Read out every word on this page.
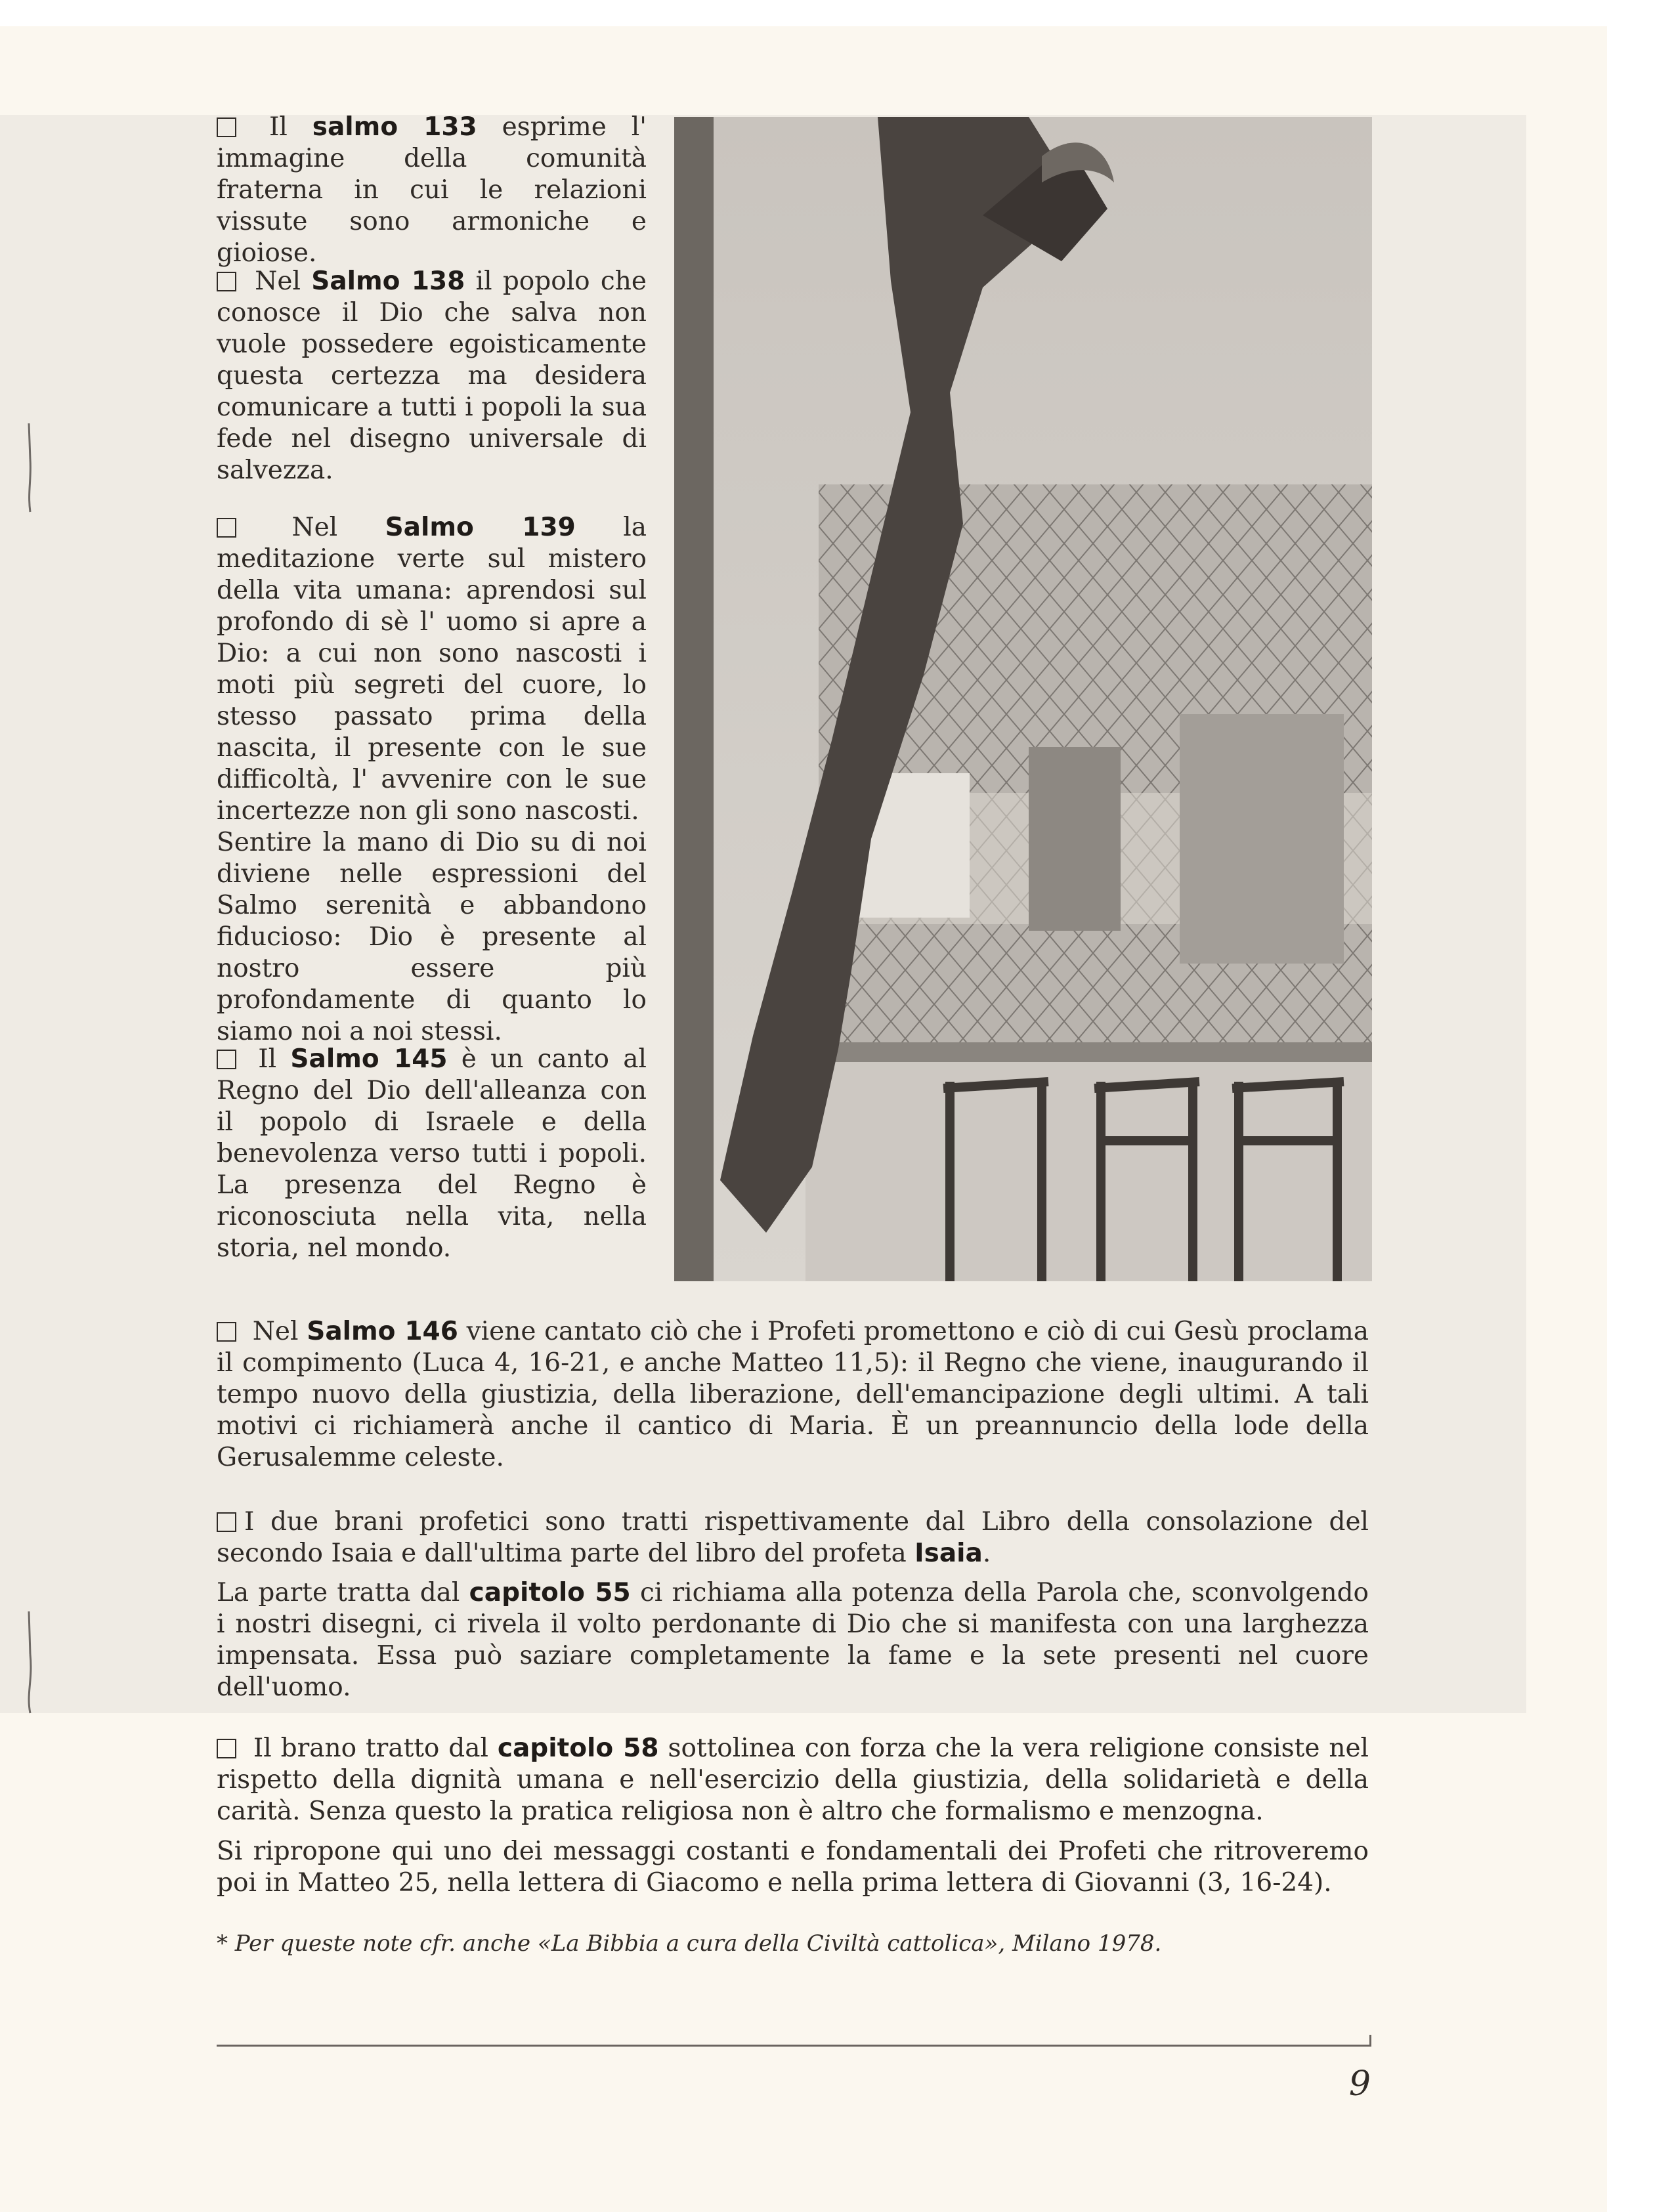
Il salmo 133 esprime l' immagine della comunità fraterna in cui le relazioni vissute sono armoniche e gioiose.

Nel Salmo 138 il popolo che conosce il Dio che salva non vuole possedere egoisticamente questa certezza ma desidera comunicare a tutti i popoli la sua fede nel disegno universale di salvezza.

Nel Salmo 139 la meditazione verte sul mistero della vita umana: aprendosi sul profondo di sè l' uomo si apre a Dio: a cui non sono nascosti i moti più segreti del cuore, lo stesso passato prima della nascita, il presente con le sue difficoltà, l' avvenire con le sue incertezze non gli sono nascosti.

Sentire la mano di Dio su di noi diviene nelle espressioni del Salmo serenità e abbandono fiducioso: Dio è presente al nostro essere più profondamente di quanto lo siamo noi a noi stessi.

Il Salmo 145 è un canto al Regno del Dio dell'alleanza con il popolo di Israele e della benevolenza verso tutti i popoli. La presenza del Regno è riconosciuta nella vita, nella storia, nel mondo.

Nel Salmo 146 viene cantato ciò che i Profeti promettono e ciò di cui Gesù proclama il compimento (Luca 4, 16-21, e anche Matteo 11,5): il Regno che viene, inaugurando il tempo nuovo della giustizia, della liberazione, dell'emancipazione degli ultimi. A tali motivi ci richiamerà anche il cantico di Maria. È un preannuncio della lode della Gerusalemme celeste.

I due brani profetici sono tratti rispettivamente dal Libro della consolazione del secondo Isaia e dall'ultima parte del libro del profeta Isaia.

La parte tratta dal capitolo 55 ci richiama alla potenza della Parola che, sconvolgendo i nostri disegni, ci rivela il volto perdonante di Dio che si manifesta con una larghezza impensata. Essa può saziare completamente la fame e la sete presenti nel cuore dell'uomo.

Il brano tratto dal capitolo 58 sottolinea con forza che la vera religione consiste nel rispetto della dignità umana e nell'esercizio della giustizia, della solidarietà e della carità. Senza questo la pratica religiosa non è altro che formalismo e menzogna.

Si ripropone qui uno dei messaggi costanti e fondamentali dei Profeti che ritroveremo poi in Matteo 25, nella lettera di Giacomo e nella prima lettera di Giovanni (3, 16-24).

* Per queste note cfr. anche «La Bibbia a cura della Civiltà cattolica», Milano 1978.
9
